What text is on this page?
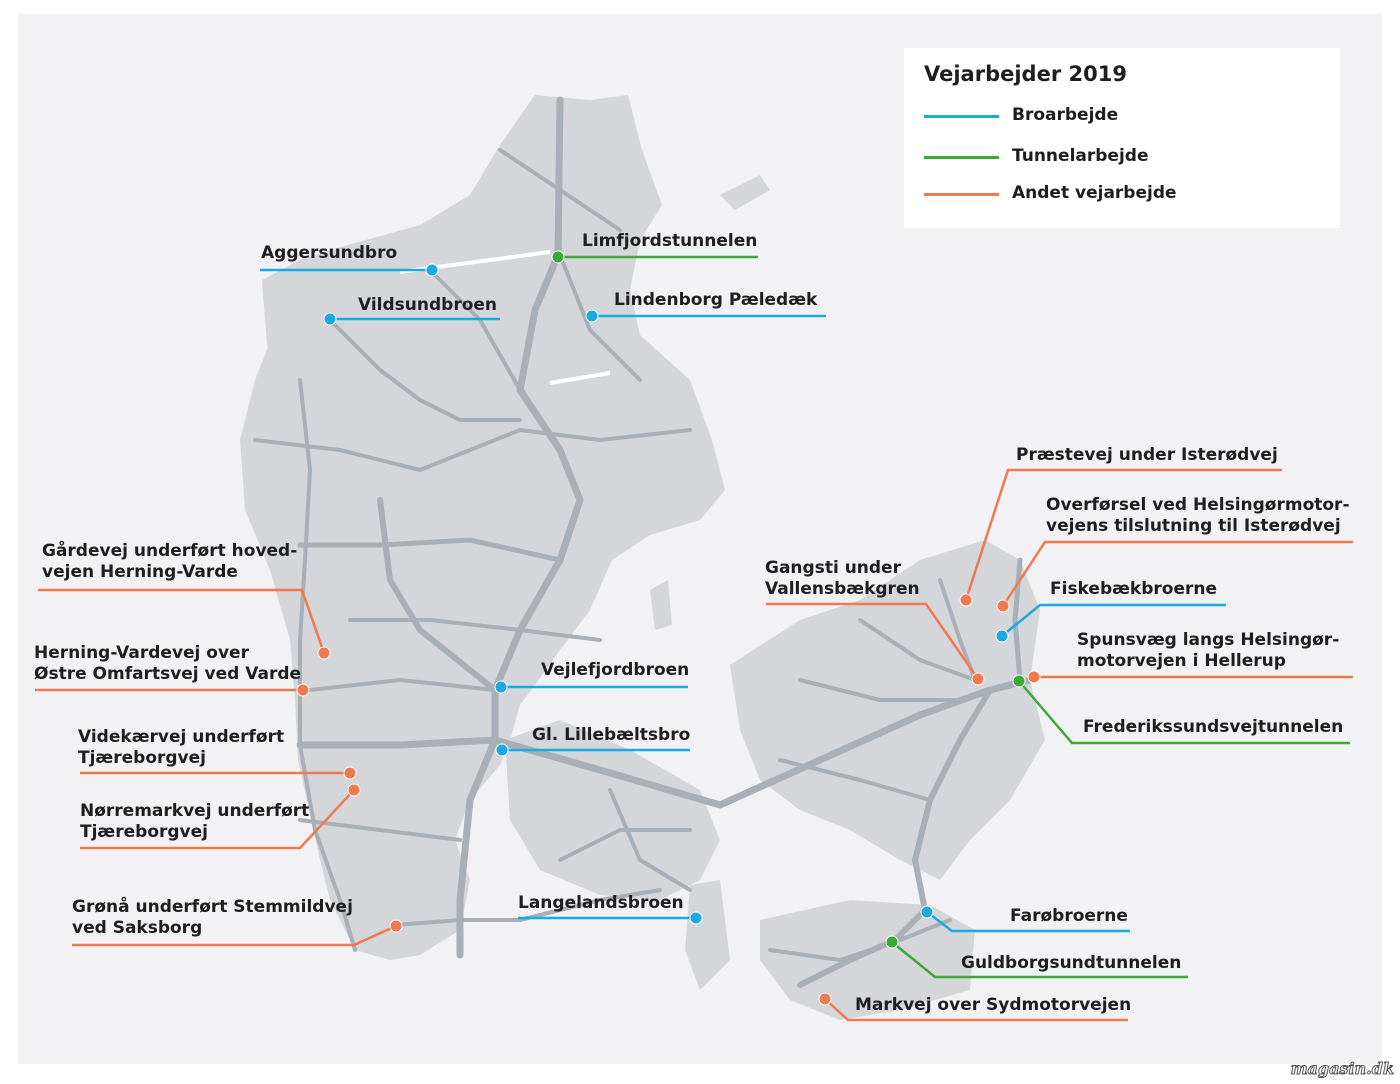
Vejarbejder 2019
Broarbejde
Tunnelarbejde
Andet vejarbejde
Aggersundbro
Limfjordstunnelen
Vildsundbroen	Lindenborg Pæledæk
Præstevej under Isterødvej
Overførsel ved Helsingørmotor-
vejens tilslutning til Isterødvej
Gangsti under
Vallensbækgren	Fiskebækbroerne
Spunsvæg langs Helsingør-
motorvejen i Hellerup
Frederikssundsvejtunnelen
Gårdevej underført hoved-
vejen Herning-Varde
Herning-Vardevej over
Østre Omfartsvej ved Varde	Vejlefjordbroen
Videkærvej underført
Tjæreborgvej
Gl. Lillebæltsbro
Nørremarkvej underført
Tjæreborgvej
Grønå underført Stemmildvej
ved Saksborg
Langelandsbroen
Farøbroerne
Guldborgsundtunnelen
Markvej over Sydmotorvejen
magasin.dk
